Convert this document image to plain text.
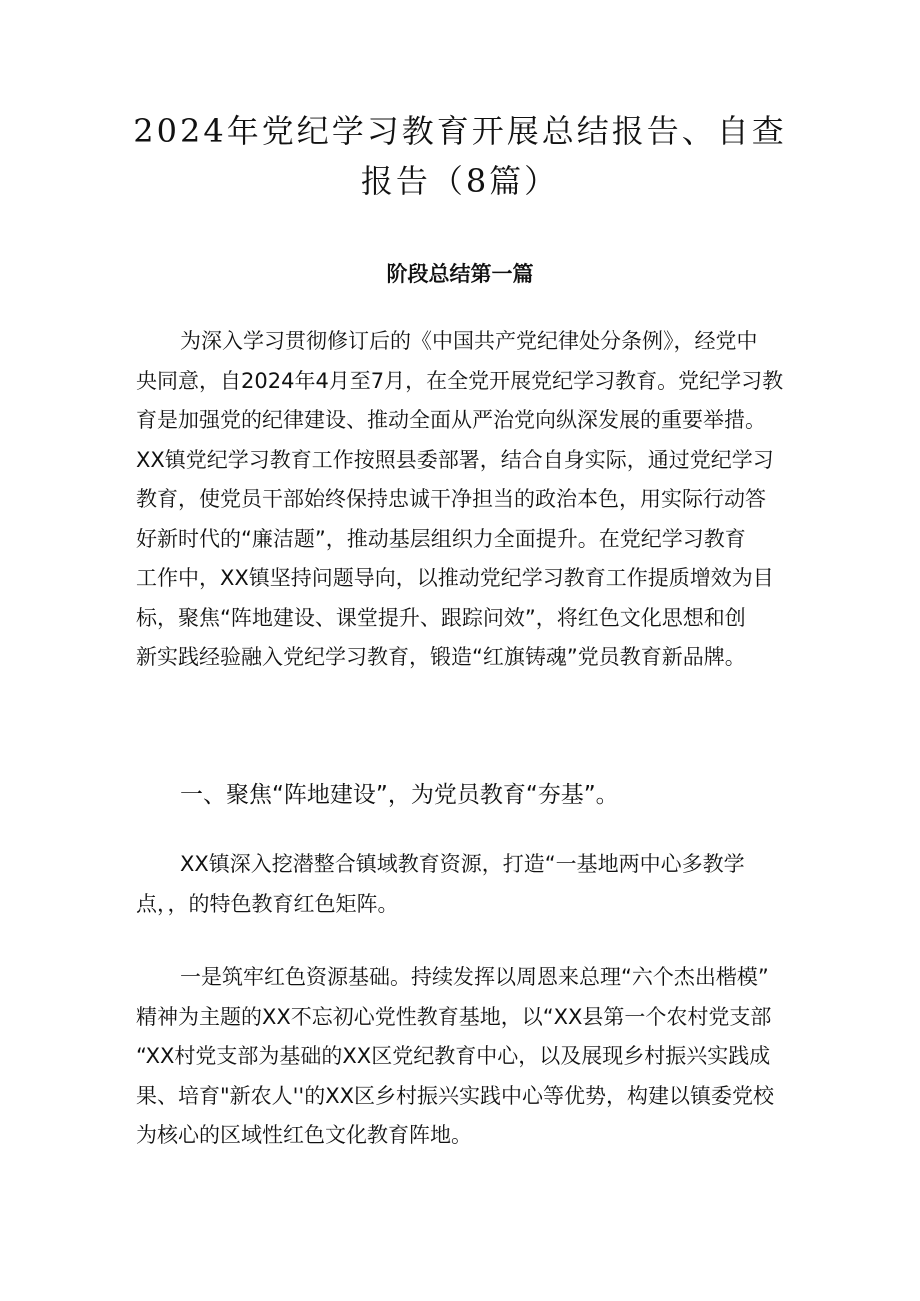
2024年党纪学习教育开展总结报告、自查
报告（8篇）
阶段总结第一篇
为深入学习贯彻修订后的《中国共产党纪律处分条例》，经党中
央同意，自2024年4月至7月，在全党开展党纪学习教育。党纪学习教
育是加强党的纪律建设、推动全面从严治党向纵深发展的重要举措。
XX镇党纪学习教育工作按照县委部署，结合自身实际，通过党纪学习
教育，使党员干部始终保持忠诚干净担当的政治本色，用实际行动答
好新时代的“廉洁题”，推动基层组织力全面提升。在党纪学习教育
工作中，XX镇坚持问题导向，以推动党纪学习教育工作提质增效为目
标，聚焦“阵地建设、课堂提升、跟踪问效”，将红色文化思想和创
新实践经验融入党纪学习教育，锻造“红旗铸魂”党员教育新品牌。

一、聚焦“阵地建设”，为党员教育“夯基”。

XX镇深入挖潜整合镇域教育资源，打造“一基地两中心多教学
点，，的特色教育红色矩阵。
一是筑牢红色资源基础。持续发挥以周恩来总理“六个杰出楷模”
精神为主题的XX不忘初心党性教育基地，以“XX县第一个农村党支部
“XX村党支部为基础的XX区党纪教育中心，以及展现乡村振兴实践成
果、培育"新农人''的XX区乡村振兴实践中心等优势，构建以镇委党校
为核心的区域性红色文化教育阵地。
